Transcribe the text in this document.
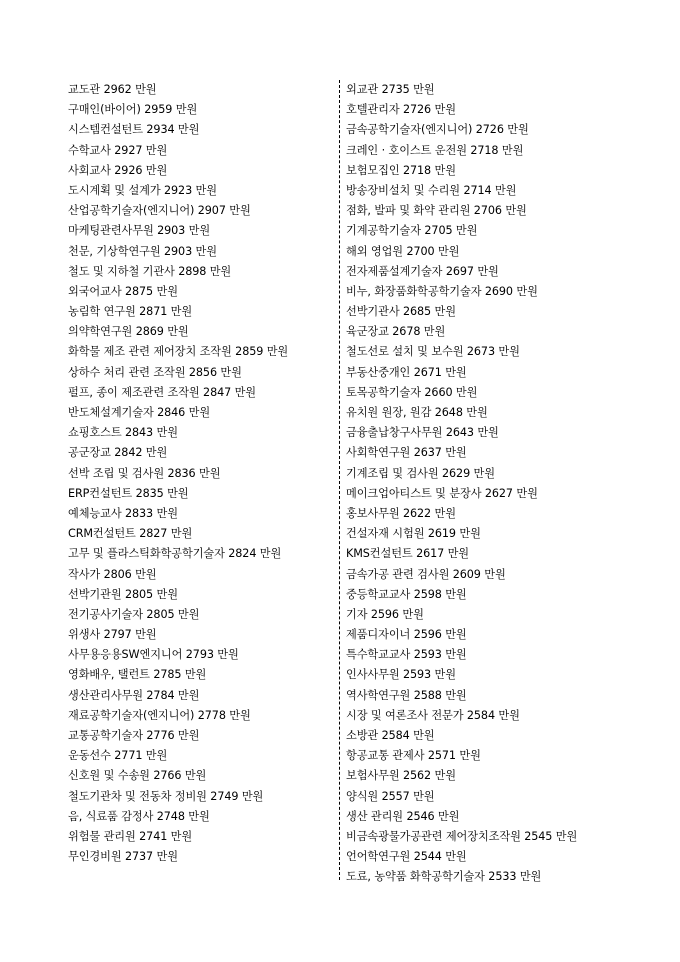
교도관 2962 만원
구매인(바이어) 2959 만원
시스템컨설턴트 2934 만원
수학교사 2927 만원
사회교사 2926 만원
도시계획 및 설계가 2923 만원
산업공학기술자(엔지니어) 2907 만원
마케팅관련사무원 2903 만원
천문, 기상학연구원 2903 만원
철도 및 지하철 기관사 2898 만원
외국어교사 2875 만원
농림학 연구원 2871 만원
의약학연구원 2869 만원
화학물 제조 관련 제어장치 조작원 2859 만원
상하수 처리 관련 조작원 2856 만원
펄프, 종이 제조관련 조작원 2847 만원
반도체설계기술자 2846 만원
쇼핑호스트 2843 만원
공군장교 2842 만원
선박 조립 및 검사원 2836 만원
ERP컨설턴트 2835 만원
예체능교사 2833 만원
CRM컨설턴트 2827 만원
고무 및 플라스틱화학공학기술자 2824 만원
작사가 2806 만원
선박기관원 2805 만원
전기공사기술자 2805 만원
위생사 2797 만원
사무용응용SW엔지니어 2793 만원
영화배우, 탤런트 2785 만원
생산관리사무원 2784 만원
재료공학기술자(엔지니어) 2778 만원
교통공학기술자 2776 만원
운동선수 2771 만원
신호원 및 수송원 2766 만원
철도기관차 및 전동차 정비원 2749 만원
음, 식료품 감정사 2748 만원
위험물 관리원 2741 만원
무인경비원 2737 만원
외교관 2735 만원
호텔관리자 2726 만원
금속공학기술자(엔지니어) 2726 만원
크레인 · 호이스트 운전원 2718 만원
보험모집인 2718 만원
방송장비설치 및 수리원 2714 만원
점화, 발파 및 화약 관리원 2706 만원
기계공학기술자 2705 만원
해외 영업원 2700 만원
전자제품설계기술자 2697 만원
비누, 화장품화학공학기술자 2690 만원
선박기관사 2685 만원
육군장교 2678 만원
철도선로 설치 및 보수원 2673 만원
부동산중개인 2671 만원
토목공학기술자 2660 만원
유치원 원장, 원감 2648 만원
금융출납창구사무원 2643 만원
사회학연구원 2637 만원
기계조립 및 검사원 2629 만원
메이크업아티스트 및 분장사 2627 만원
홍보사무원 2622 만원
건설자재 시험원 2619 만원
KMS컨설턴트 2617 만원
금속가공 관련 검사원 2609 만원
중등학교교사 2598 만원
기자 2596 만원
제품디자이너 2596 만원
특수학교교사 2593 만원
인사사무원 2593 만원
역사학연구원 2588 만원
시장 및 여론조사 전문가 2584 만원
소방관 2584 만원
항공교통 관제사 2571 만원
보험사무원 2562 만원
양식원 2557 만원
생산 관리원 2546 만원
비금속광물가공관련 제어장치조작원 2545 만원
언어학연구원 2544 만원
도료, 농약품 화학공학기술자 2533 만원
